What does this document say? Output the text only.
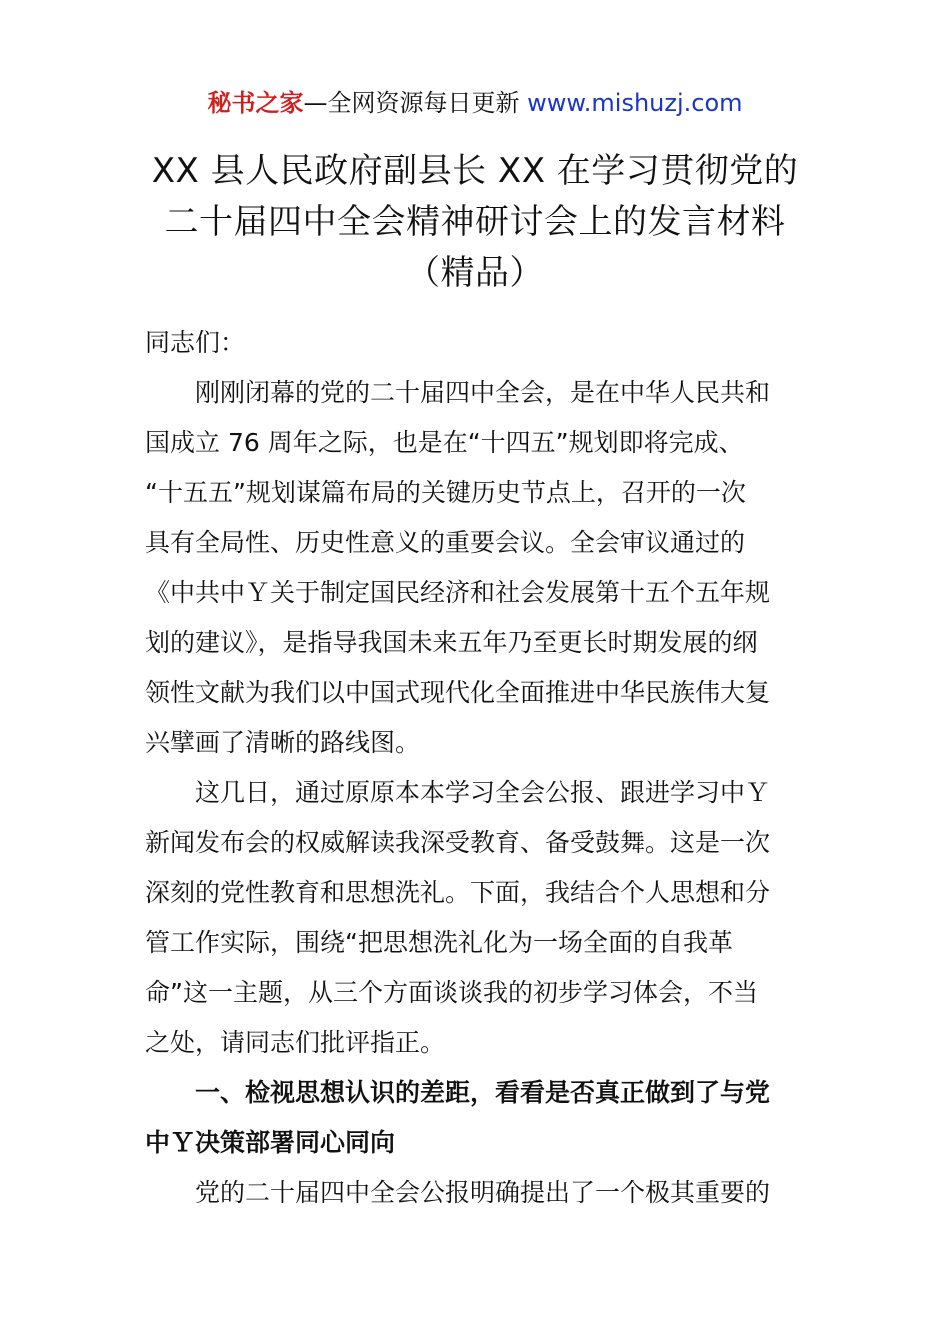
秘书之家—全网资源每日更新 www.mishuzj.com
XX 县人民政府副县长 XX 在学习贯彻党的
二十届四中全会精神研讨会上的发言材料
（精品）

同志们：

刚刚闭幕的党的二十届四中全会，是在中华人民共和
国成立 76 周年之际，也是在“十四五”规划即将完成、
“十五五”规划谋篇布局的关键历史节点上，召开的一次
具有全局性、历史性意义的重要会议。全会审议通过的
《中共中Ｙ关于制定国民经济和社会发展第十五个五年规
划的建议》，是指导我国未来五年乃至更长时期发展的纲
领性文献为我们以中国式现代化全面推进中华民族伟大复
兴擘画了清晰的路线图。

这几日，通过原原本本学习全会公报、跟进学习中Ｙ
新闻发布会的权威解读我深受教育、备受鼓舞。这是一次
深刻的党性教育和思想洗礼。下面，我结合个人思想和分
管工作实际，围绕“把思想洗礼化为一场全面的自我革
命”这一主题，从三个方面谈谈我的初步学习体会，不当
之处，请同志们批评指正。

一、检视思想认识的差距，看看是否真正做到了与党
中Ｙ决策部署同心同向

党的二十届四中全会公报明确提出了一个极其重要的
